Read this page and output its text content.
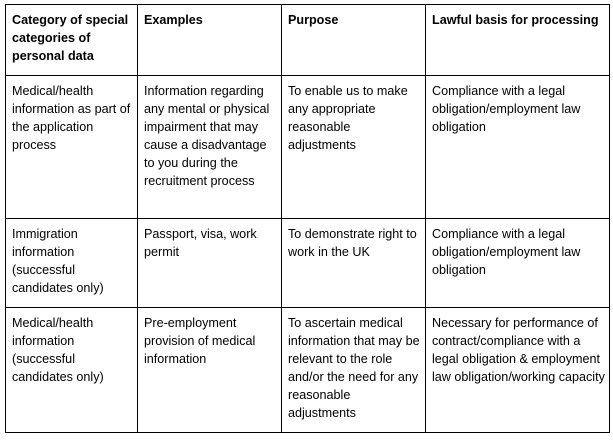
Category of special categories of personal data	Examples	Purpose	Lawful basis for processing
Medical/health information as part of the application process	Information regarding any mental or physical impairment that may cause a disadvantage to you during the recruitment process	To enable us to make any appropriate reasonable adjustments	Compliance with a legal obligation/employment law obligation
Immigration information (successful candidates only)	Passport, visa, work permit	To demonstrate right to work in the UK	Compliance with a legal obligation/employment law obligation
Medical/health information (successful candidates only)	Pre-employment provision of medical information	To ascertain medical information that may be relevant to the role and/or the need for any reasonable adjustments	Necessary for performance of contract/compliance with a legal obligation & employment law obligation/working capacity
